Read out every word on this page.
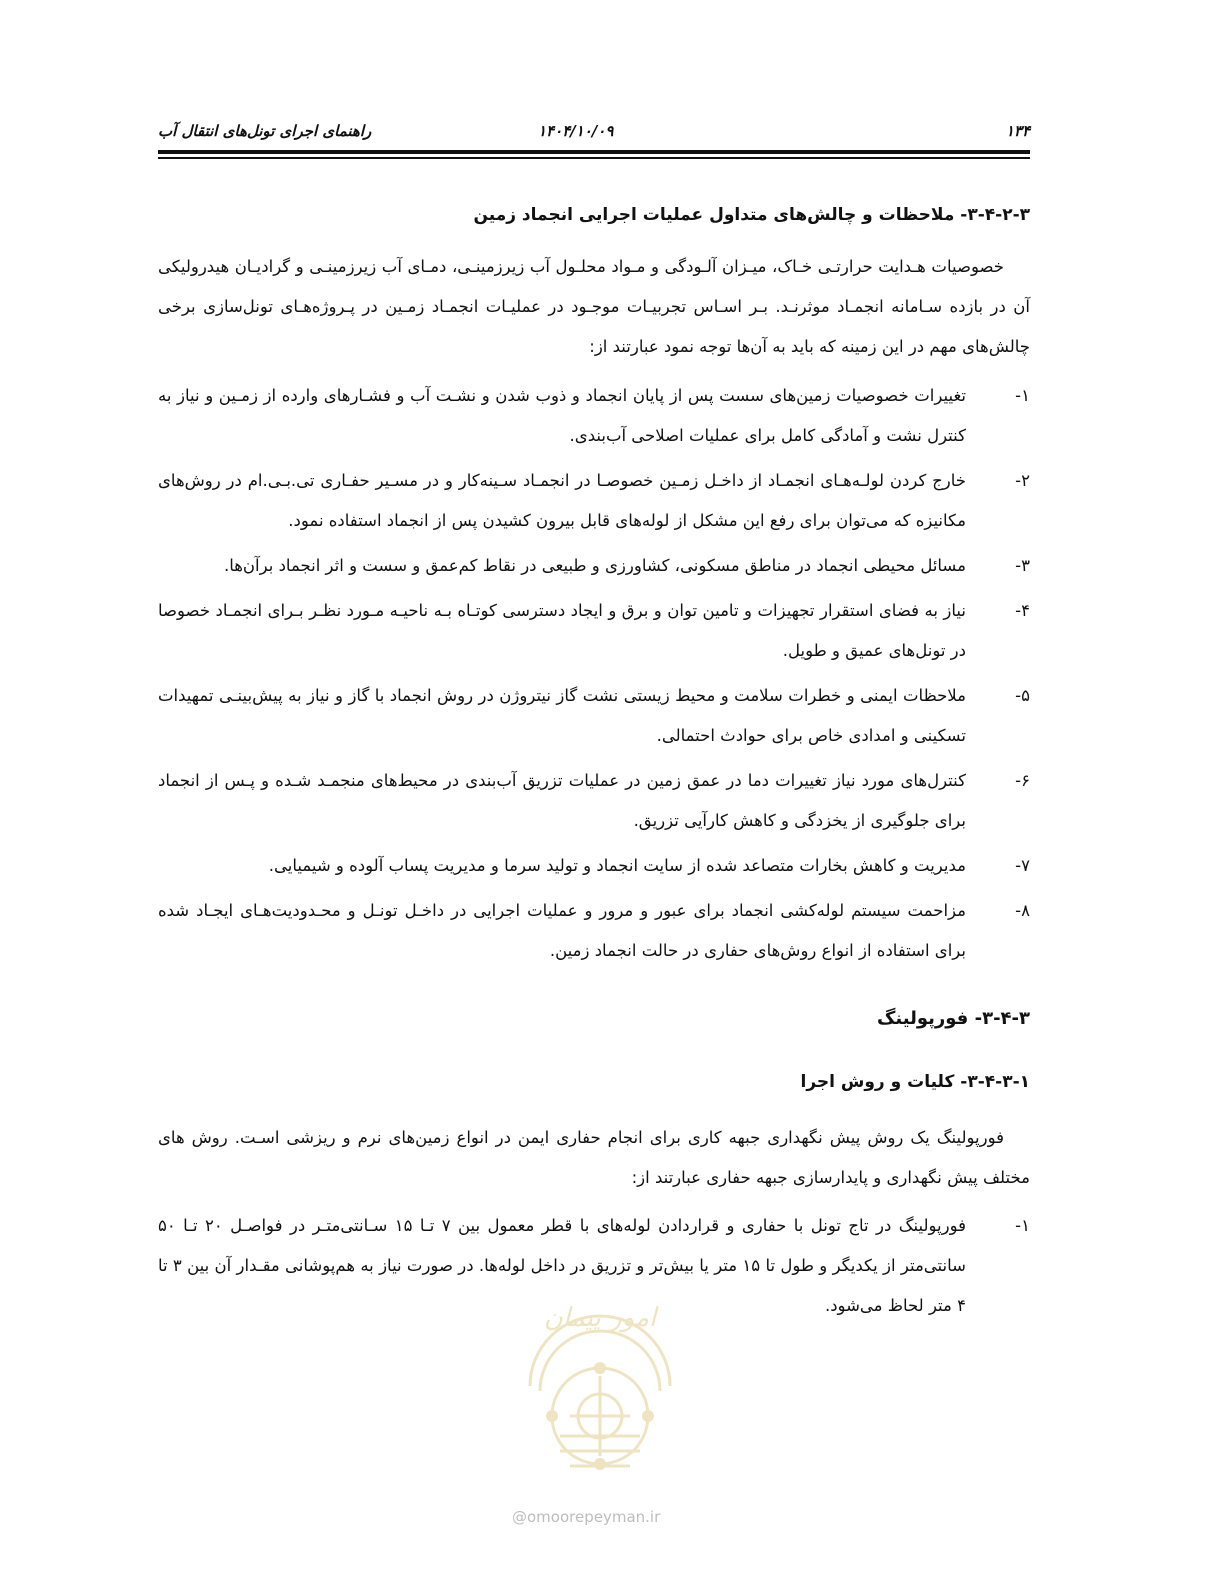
۱۳۴
۱۴۰۴/۱۰/۰۹
راهنمای اجرای تونل‌های انتقال آب
۳-۴-۲-۳- ملاحظات و چالش‌های متداول عملیات اجرایی انجماد زمین
خصوصیات هـدایت حرارتـی خـاک، میـزان آلـودگی و مـواد محلـول آب زیرزمینـی، دمـای آب زیرزمینـی و گرادیـان هیدرولیکی آن در بازده سـامانه انجمـاد موثرنـد. بـر اسـاس تجربیـات موجـود در عملیـات انجمـاد زمـین در پـروژه‌هـای تونل‌سازی برخی چالش‌های مهم در این زمینه که باید به آن‌ها توجه نمود عبارتند از:
۱-
تغییرات خصوصیات زمین‌های سست پس از پایان انجماد و ذوب شدن و نشـت آب و فشـارهای وارده از زمـین و نیاز به کنترل نشت و آمادگی کامل برای عملیات اصلاحی آب‌بندی.
۲-
خارج کردن لولـه‌هـای انجمـاد از داخـل زمـین خصوصـا در انجمـاد سـینه‌کار و در مسـیر حفـاری تی.بـی.ام در روش‌های مکانیزه که می‌توان برای رفع این مشکل از لوله‌های قابل بیرون کشیدن پس از انجماد استفاده نمود.
۳-
مسائل محیطی انجماد در مناطق مسکونی، کشاورزی و طبیعی در نقاط کم‌عمق و سست و اثر انجماد برآن‌ها.
۴-
نیاز به فضای استقرار تجهیزات و تامین توان و برق و ایجاد دسترسی کوتـاه بـه ناحیـه مـورد نظـر بـرای انجمـاد خصوصا در تونل‌های عمیق و طویل.
۵-
ملاحظات ایمنی و خطرات سلامت و محیط زیستی نشت گاز نیتروژن در روش انجماد با گاز و نیاز به پیش‌بینـی تمهیدات تسکینی و امدادی خاص برای حوادث احتمالی.
۶-
کنترل‌های مورد نیاز تغییرات دما در عمق زمین در عملیات تزریق آب‌بندی در محیط‌های منجمـد شـده و پـس از انجماد برای جلوگیری از یخزدگی و کاهش کارآیی تزریق.
۷-
مدیریت و کاهش بخارات متصاعد شده از سایت انجماد و تولید سرما و مدیریت پساب آلوده و شیمیایی.
۸-
مزاحمت سیستم لوله‌کشی انجماد برای عبور و مرور و عملیات اجرایی در داخـل تونـل و محـدودیت‌هـای ایجـاد شده برای استفاده از انواع روش‌های حفاری در حالت انجماد زمین.
۳-۴-۳- فورپولینگ
۳-۴-۳-۱- کلیات و روش اجرا
فورپولینگ یک روش پیش نگهداری جبهه کاری برای انجام حفاری ایمن در انواع زمین‌های نرم و ریزشی اسـت. روش های مختلف پیش نگهداری و پایدارسازی جبهه حفاری عبارتند از:
۱-
فورپولینگ در تاج تونل با حفاری و قراردادن لوله‌های با قطر معمول بین ۷ تـا ۱۵ سـانتی‌متـر در فواصـل ۲۰ تـا ۵۰ سانتی‌متر از یکدیگر و طول تا ۱۵ متر یا بیش‌تر و تزریق در داخل لوله‌ها. در صورت نیاز به هم‌پوشانی مقـدار آن بین ۳ تا ۴ متر لحاظ می‌شود.
امور پیمان
@omoorepeyman.ir
